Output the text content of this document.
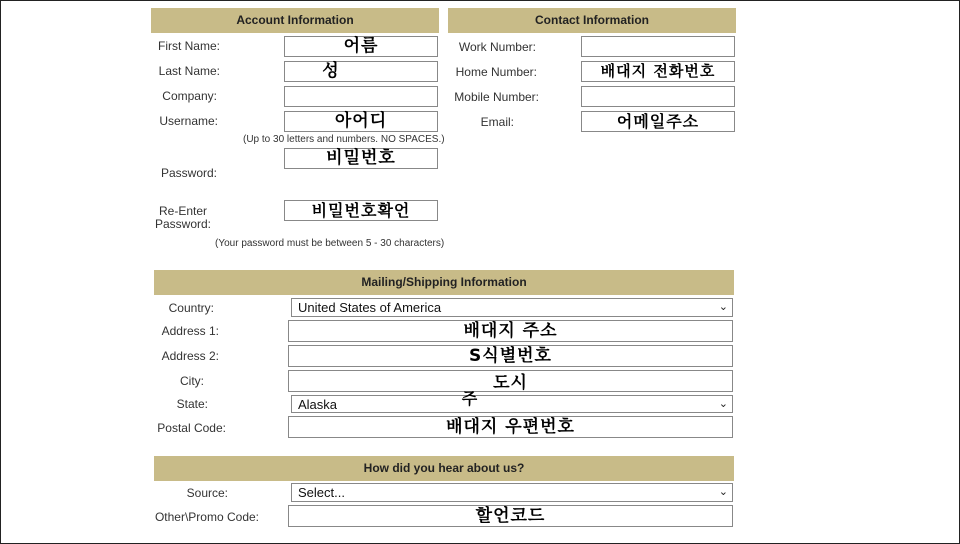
Account Information
First Name:	어름
Last Name:	성
Company:
Username:	아어디
(Up to 30 letters and numbers. NO SPACES.)
Password:
비밀번호
Re-Enter
Password:
비밀번호확언
(Your password must be between 5 - 30 characters)
Contact Information
Work Number:
Home Number:	배대지 전화번호
Mobile Number:
Email:	어메일주소
Mailing/Shipping Information
Country:	United States of America	⌄
Address 1:	배대지 주소
Address 2:	S식별번호
City:	도시
State:	Alaska	⌄
주
Postal Code:	배대지 우편번호
How did you hear about us?
Source:	Select...	⌄
Other\Promo Code:	할언코드
